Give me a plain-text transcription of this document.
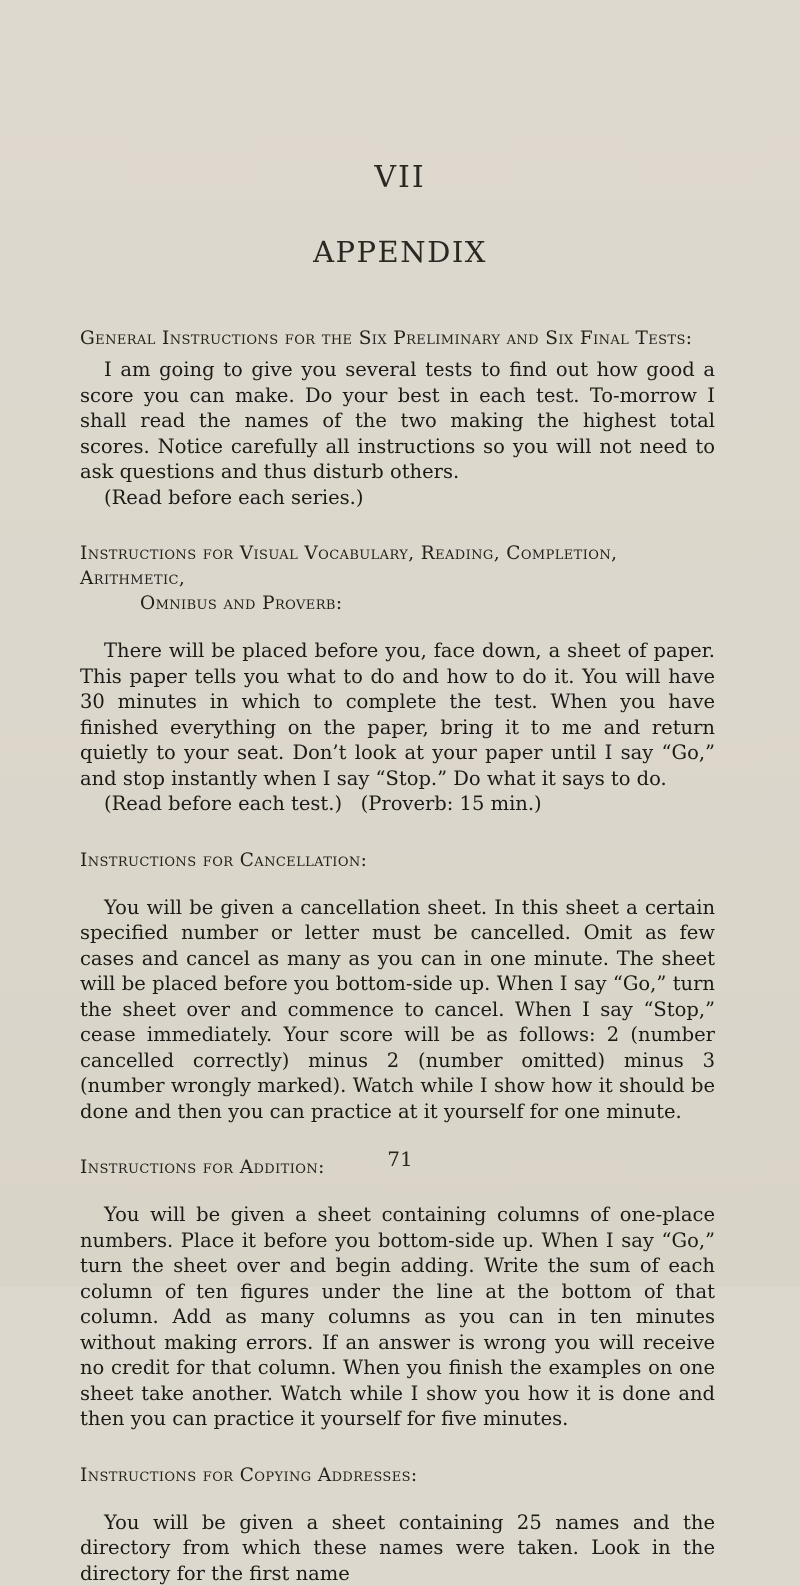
VII
APPENDIX

General Instructions for the Six Preliminary and Six Final Tests:

I am going to give you several tests to find out how good a score you can make. Do your best in each test. To-morrow I shall read the names of the two making the highest total scores. Notice carefully all instructions so you will not need to ask questions and thus disturb others.

(Read before each series.)

Instructions for Visual Vocabulary, Reading, Completion, Arithmetic,

Omnibus and Proverb:

There will be placed before you, face down, a sheet of paper. This paper tells you what to do and how to do it. You will have 30 minutes in which to complete the test. When you have finished everything on the paper, bring it to me and return quietly to your seat. Don’t look at your paper until I say “Go,” and stop instantly when I say “Stop.” Do what it says to do.

(Read before each test.)   (Proverb: 15 min.)

Instructions for Cancellation:

You will be given a cancellation sheet. In this sheet a certain specified number or letter must be cancelled. Omit as few cases and cancel as many as you can in one minute. The sheet will be placed before you bottom-side up. When I say “Go,” turn the sheet over and commence to cancel. When I say “Stop,” cease immediately. Your score will be as follows: 2 (number cancelled correctly) minus 2 (number omitted) minus 3 (number wrongly marked). Watch while I show how it should be done and then you can practice at it yourself for one minute.

Instructions for Addition:

You will be given a sheet containing columns of one-place numbers. Place it before you bottom-side up. When I say “Go,” turn the sheet over and begin adding. Write the sum of each column of ten figures under the line at the bottom of that column. Add as many columns as you can in ten minutes without making errors. If an answer is wrong you will receive no credit for that column. When you finish the examples on one sheet take another. Watch while I show you how it is done and then you can practice it yourself for five minutes.

Instructions for Copying Addresses:

You will be given a sheet containing 25 names and the directory from which these names were taken. Look in the directory for the first name

71
